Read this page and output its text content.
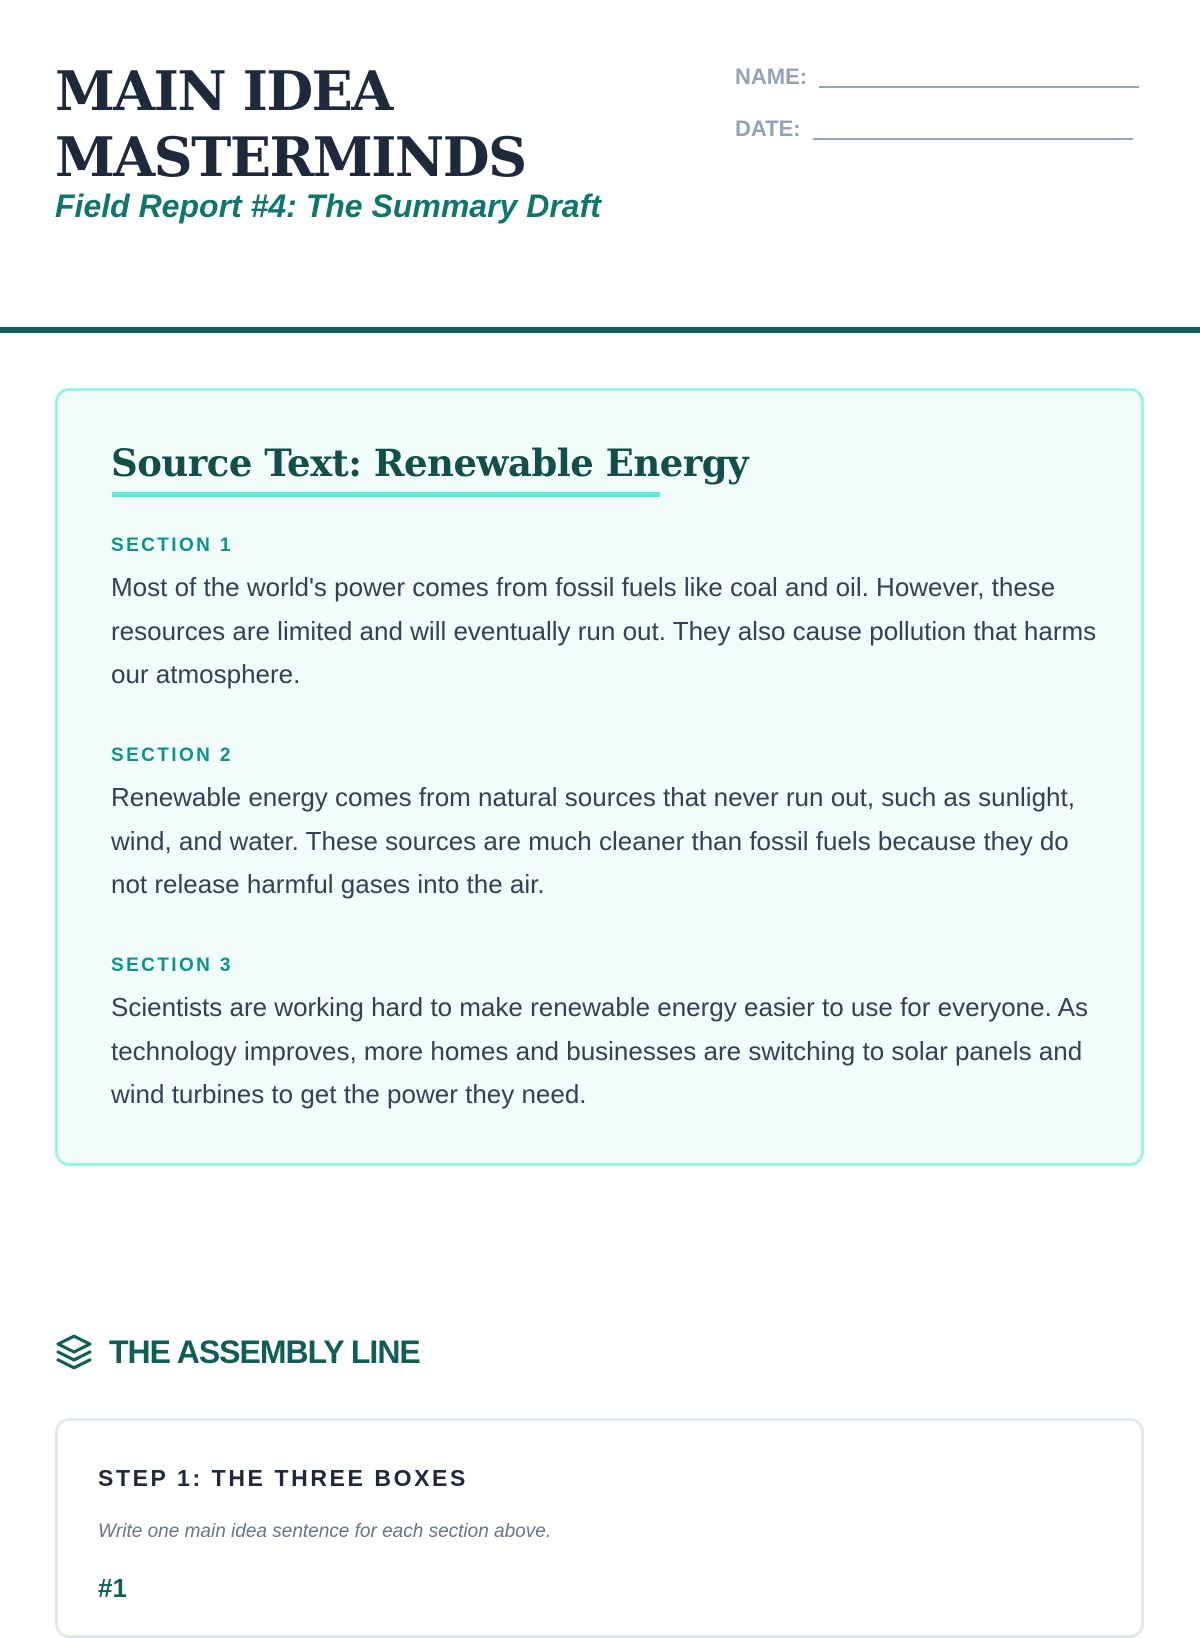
MAIN IDEA
MASTERMINDS

Field Report #4: The Summary Draft

NAME:
DATE:
Source Text: Renewable Energy

SECTION 1

Most of the world's power comes from fossil fuels like coal and oil. However, these resources are limited and will eventually run out. They also cause pollution that harms our atmosphere.

SECTION 2

Renewable energy comes from natural sources that never run out, such as sunlight, wind, and water. These sources are much cleaner than fossil fuels because they do not release harmful gases into the air.

SECTION 3

Scientists are working hard to make renewable energy easier to use for everyone. As technology improves, more homes and businesses are switching to solar panels and wind turbines to get the power they need.

THE ASSEMBLY LINE
STEP 1: THE THREE BOXES

Write one main idea sentence for each section above.

#1
